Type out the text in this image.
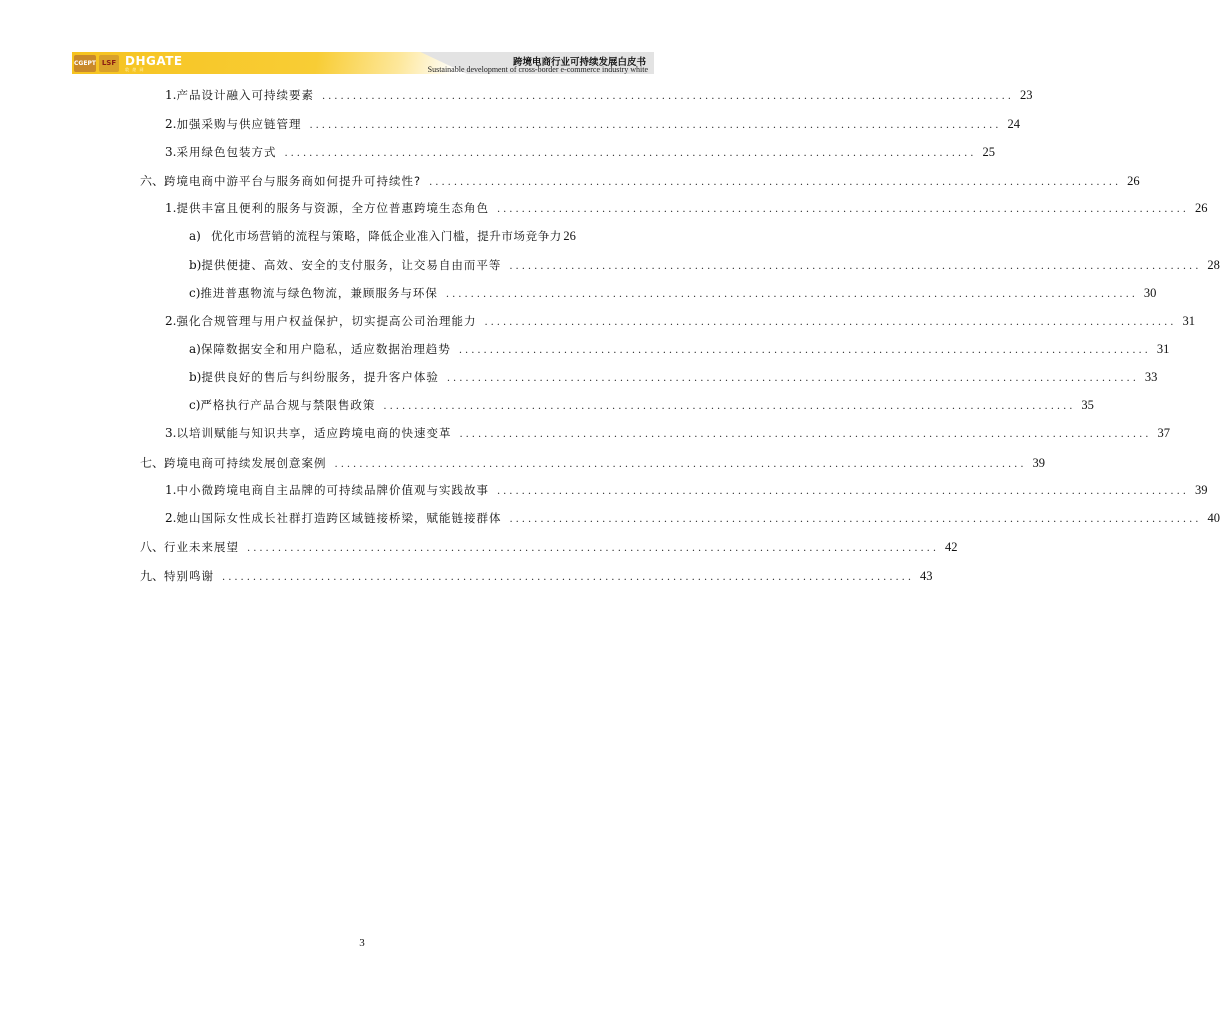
CGEPT LSF DHGATE
敦 煌 网
跨境电商行业可持续发展白皮书
Sustainable development of cross-border e-commerce industry white
1. 产品设计融入可持续要素 ................................................................................................................ 23
2. 加强采购与供应链管理 ................................................................................................................ 24
3. 采用绿色包装方式 ................................................................................................................ 25
六、 跨境电商中游平台与服务商如何提升可持续性? ................................................................................................................ 26
1. 提供丰富且便利的服务与资源，全方位普惠跨境生态角色 ................................................................................................................ 26
a) 优化市场营销的流程与策略，降低企业准入门槛，提升市场竞争力 26
b) 提供便捷、高效、安全的支付服务，让交易自由而平等 ................................................................................................................ 28
c) 推进普惠物流与绿色物流，兼顾服务与环保 ................................................................................................................ 30
2. 强化合规管理与用户权益保护，切实提高公司治理能力 ................................................................................................................ 31
a) 保障数据安全和用户隐私，适应数据治理趋势 ................................................................................................................ 31
b) 提供良好的售后与纠纷服务，提升客户体验 ................................................................................................................ 33
c) 严格执行产品合规与禁限售政策 ................................................................................................................ 35
3. 以培训赋能与知识共享，适应跨境电商的快速变革 ................................................................................................................ 37
七、 跨境电商可持续发展创意案例 ................................................................................................................ 39
1. 中小微跨境电商自主品牌的可持续品牌价值观与实践故事 ................................................................................................................ 39
2. 她山国际女性成长社群打造跨区域链接桥梁，赋能链接群体 ................................................................................................................ 40
八、 行业未来展望 ................................................................................................................ 42
九、 特别鸣谢 ................................................................................................................ 43
3
